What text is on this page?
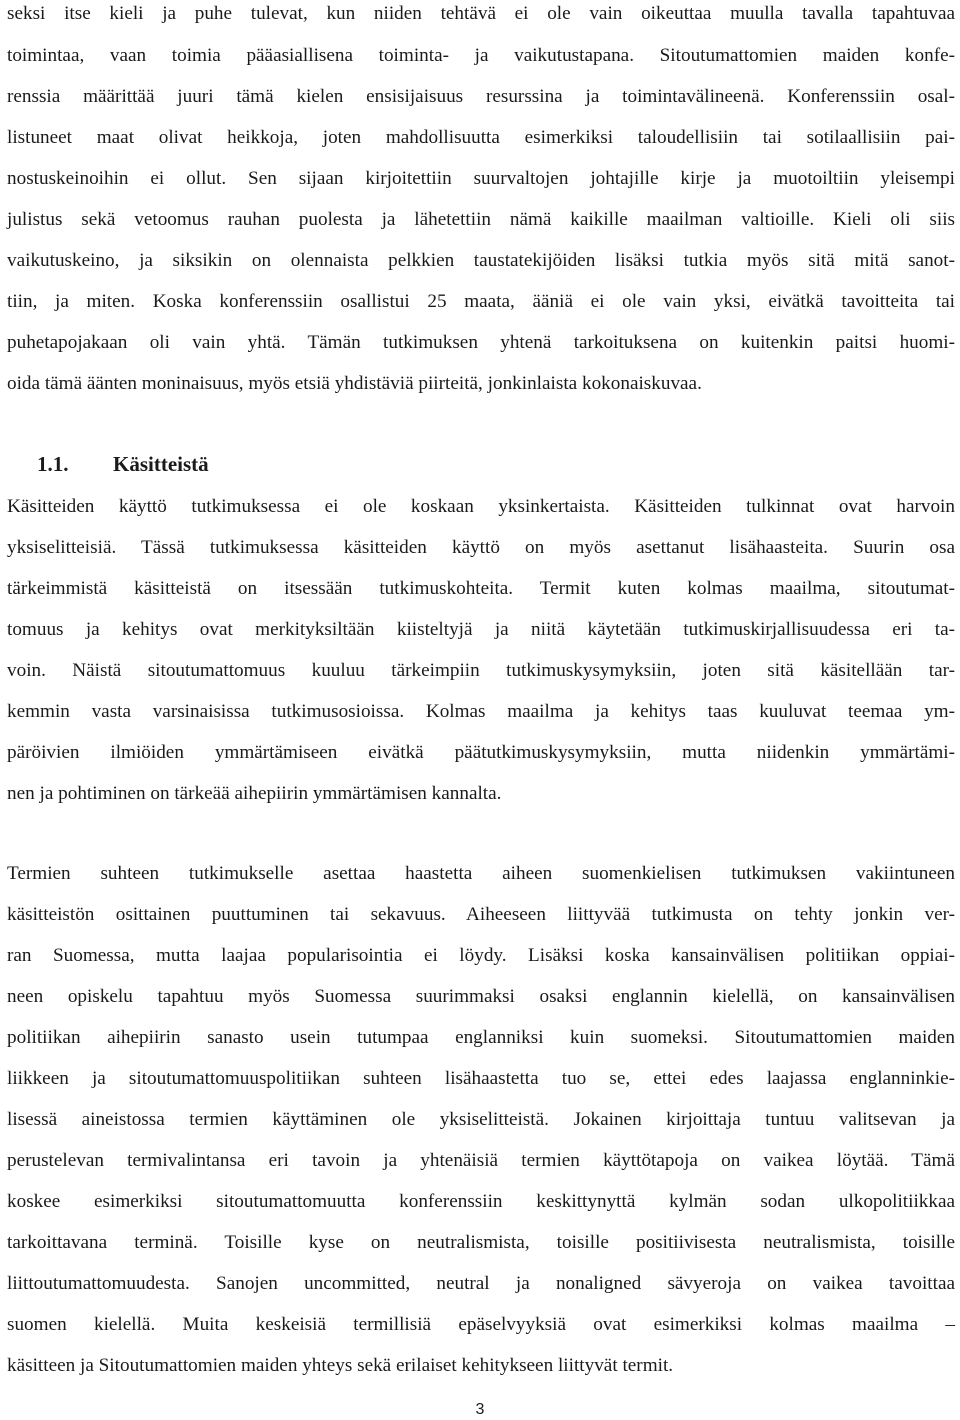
seksi itse kieli ja puhe tulevat, kun niiden tehtävä ei ole vain oikeuttaa muulla tavalla tapahtuvaa
toimintaa, vaan toimia pääasiallisena toiminta- ja vaikutustapana. Sitoutumattomien maiden konfe-
renssia määrittää juuri tämä kielen ensisijaisuus resurssina ja toimintavälineenä. Konferenssiin osal-
listuneet maat olivat heikkoja, joten mahdollisuutta esimerkiksi taloudellisiin tai sotilaallisiin pai-
nostuskeinoihin ei ollut. Sen sijaan kirjoitettiin suurvaltojen johtajille kirje ja muotoiltiin yleisempi
julistus sekä vetoomus rauhan puolesta ja lähetettiin nämä kaikille maailman valtioille. Kieli oli siis
vaikutuskeino, ja siksikin on olennaista pelkkien taustatekijöiden lisäksi tutkia myös sitä mitä sanot-
tiin, ja miten. Koska konferenssiin osallistui 25 maata, ääniä ei ole vain yksi, eivätkä tavoitteita tai
puhetapojakaan oli vain yhtä. Tämän tutkimuksen yhtenä tarkoituksena on kuitenkin paitsi huomi-
oida tämä äänten moninaisuus, myös etsiä yhdistäviä piirteitä, jonkinlaista kokonaiskuvaa.
1.1. Käsitteistä
Käsitteiden käyttö tutkimuksessa ei ole koskaan yksinkertaista. Käsitteiden tulkinnat ovat harvoin
yksiselitteisiä. Tässä tutkimuksessa käsitteiden käyttö on myös asettanut lisähaasteita. Suurin osa
tärkeimmistä käsitteistä on itsessään tutkimuskohteita. Termit kuten kolmas maailma, sitoutumat-
tomuus ja kehitys ovat merkityksiltään kiisteltyjä ja niitä käytetään tutkimuskirjallisuudessa eri ta-
voin. Näistä sitoutumattomuus kuuluu tärkeimpiin tutkimuskysymyksiin, joten sitä käsitellään tar-
kemmin vasta varsinaisissa tutkimusosioissa. Kolmas maailma ja kehitys taas kuuluvat teemaa ym-
päröivien ilmiöiden ymmärtämiseen eivätkä päätutkimuskysymyksiin, mutta niidenkin ymmärtämi-
nen ja pohtiminen on tärkeää aihepiirin ymmärtämisen kannalta.
Termien suhteen tutkimukselle asettaa haastetta aiheen suomenkielisen tutkimuksen vakiintuneen
käsitteistön osittainen puuttuminen tai sekavuus. Aiheeseen liittyvää tutkimusta on tehty jonkin ver-
ran Suomessa, mutta laajaa popularisointia ei löydy. Lisäksi koska kansainvälisen politiikan oppiai-
neen opiskelu tapahtuu myös Suomessa suurimmaksi osaksi englannin kielellä, on kansainvälisen
politiikan aihepiirin sanasto usein tutumpaa englanniksi kuin suomeksi. Sitoutumattomien maiden
liikkeen ja sitoutumattomuuspolitiikan suhteen lisähaastetta tuo se, ettei edes laajassa englanninkie-
lisessä aineistossa termien käyttäminen ole yksiselitteistä. Jokainen kirjoittaja tuntuu valitsevan ja
perustelevan termivalintansa eri tavoin ja yhtenäisiä termien käyttötapoja on vaikea löytää. Tämä
koskee esimerkiksi sitoutumattomuutta konferenssiin keskittynyttä kylmän sodan ulkopolitiikkaa
tarkoittavana terminä. Toisille kyse on neutralismista, toisille positiivisesta neutralismista, toisille
liittoutumattomuudesta. Sanojen uncommitted, neutral ja nonaligned sävyeroja on vaikea tavoittaa
suomen kielellä. Muita keskeisiä termillisiä epäselvyyksiä ovat esimerkiksi kolmas maailma –
käsitteen ja Sitoutumattomien maiden yhteys sekä erilaiset kehitykseen liittyvät termit.
3
